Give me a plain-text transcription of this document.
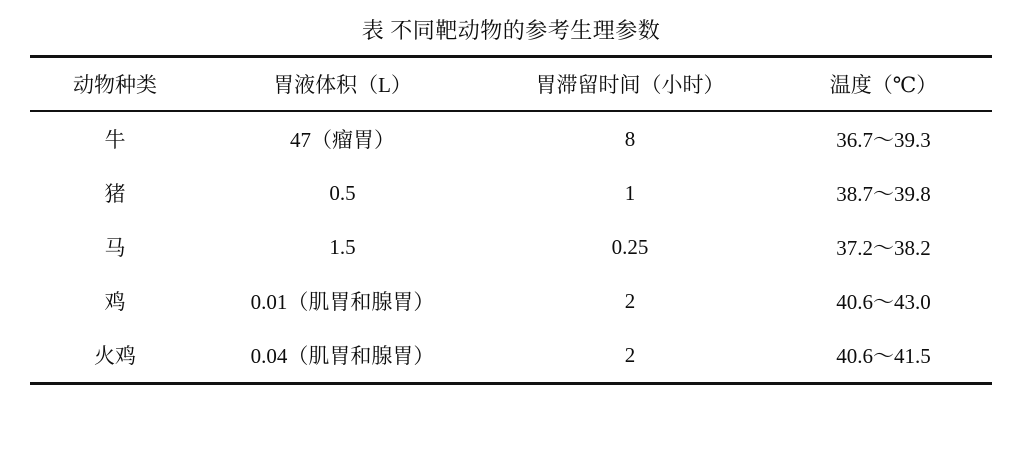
表 不同靶动物的参考生理参数
动物种类	胃液体积（L）	胃滞留时间（小时）	温度（℃）
牛	47（瘤胃）	8	36.7～39.3
猪	0.5	1	38.7～39.8
马	1.5	0.25	37.2～38.2
鸡	0.01（肌胃和腺胃）	2	40.6～43.0
火鸡	0.04（肌胃和腺胃）	2	40.6～41.5
